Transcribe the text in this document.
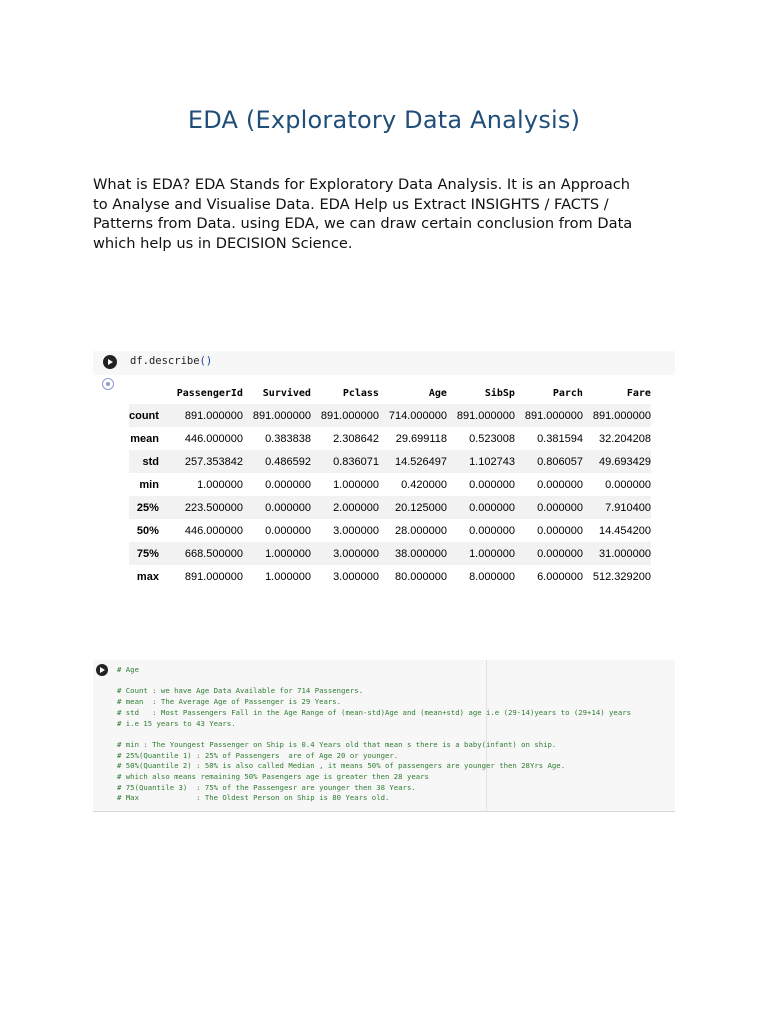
EDA (Exploratory Data Analysis)
What is EDA? EDA Stands for Exploratory Data Analysis. It is an Approach
to Analyse and Visualise Data. EDA Help us Extract INSIGHTS / FACTS /
Patterns from Data. using EDA, we can draw certain conclusion from Data
which help us in DECISION Science.
df.describe()
	PassengerId	Survived	Pclass	Age	SibSp	Parch	Fare
count	891.000000	891.000000	891.000000	714.000000	891.000000	891.000000	891.000000
mean	446.000000	0.383838	2.308642	29.699118	0.523008	0.381594	32.204208
std	257.353842	0.486592	0.836071	14.526497	1.102743	0.806057	49.693429
min	1.000000	0.000000	1.000000	0.420000	0.000000	0.000000	0.000000
25%	223.500000	0.000000	2.000000	20.125000	0.000000	0.000000	7.910400
50%	446.000000	0.000000	3.000000	28.000000	0.000000	0.000000	14.454200
75%	668.500000	1.000000	3.000000	38.000000	1.000000	0.000000	31.000000
max	891.000000	1.000000	3.000000	80.000000	8.000000	6.000000	512.329200
# Age
# Count : we have Age Data Available for 714 Passengers.
# mean  : The Average Age of Passenger is 29 Years.
# std   : Most Passengers Fall in the Age Range of (mean-std)Age and (mean+std) age i.e (29-14)years to (29+14) years
# i.e 15 years to 43 Years.
# min : The Youngest Passenger on Ship is 0.4 Years old that mean s there is a baby(infant) on ship.
# 25%(Quantile 1) : 25% of Passengers  are of Age 20 or younger.
# 50%(Quantile 2) : 50% is also called Median , it means 50% of passengers are younger then 28Yrs Age.
# which also means remaining 50% Pasengers age is greater then 28 years
# 75(Quantile 3)  : 75% of the Passengesr are younger then 38 Years.
# Max             : The Oldest Person on Ship is 80 Years old.
